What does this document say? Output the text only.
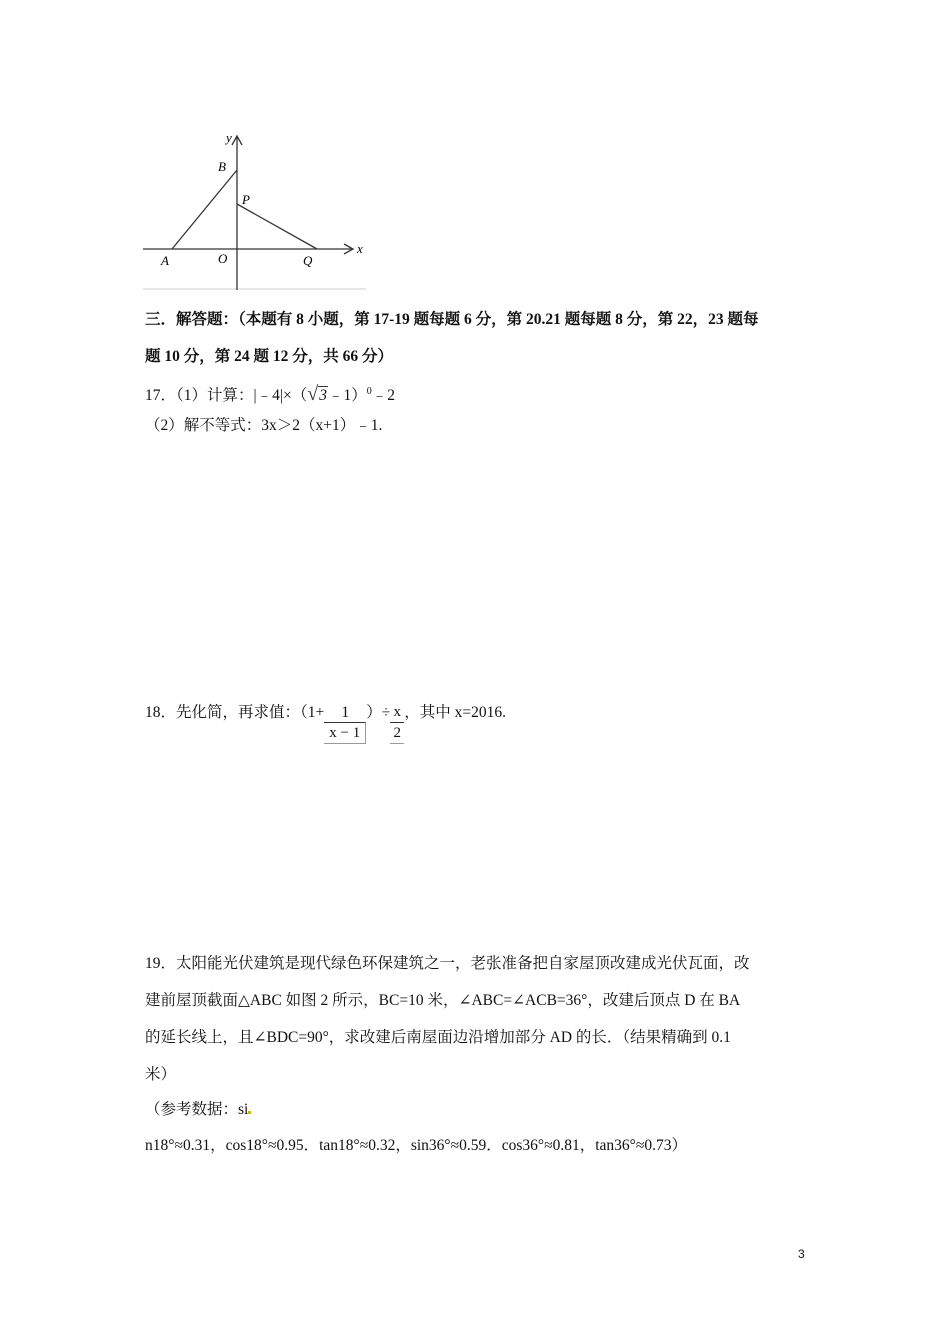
y
B
P
A	O	Q
x
三．解答题：（本题有 8 小题，第 17-19 题每题 6 分，第 20.21 题每题 8 分，第 22，23 题每
题 10 分，第 24 题 12 分，共 66 分）
17．（1）计算：|﹣4|×（√3﹣1）$^0$﹣2
（2）解不等式：3x＞2（x+1）﹣1.
18．先化简，再求值：（$1+ \frac{1}{x - 1}$ ）÷ $\frac{x}{2}$ ，其中 x=2016.
19．太阳能光伏建筑是现代绿色环保建筑之一，老张准备把自家屋顶改建成光伏瓦面，改
建前屋顶截面△ABC 如图 2 所示，BC=10 米，∠ABC=∠ACB=36°，改建后顶点 D 在 BA
的延长线上，且∠BDC=90°，求改建后南屋面边沿增加部分 AD 的长．（结果精确到 0.1
米）
（参考数据：si
n18°≈0.31，cos18°≈0.95．tan18°≈0.32，sin36°≈0.59．cos36°≈0.81，tan36°≈0.73）
3
